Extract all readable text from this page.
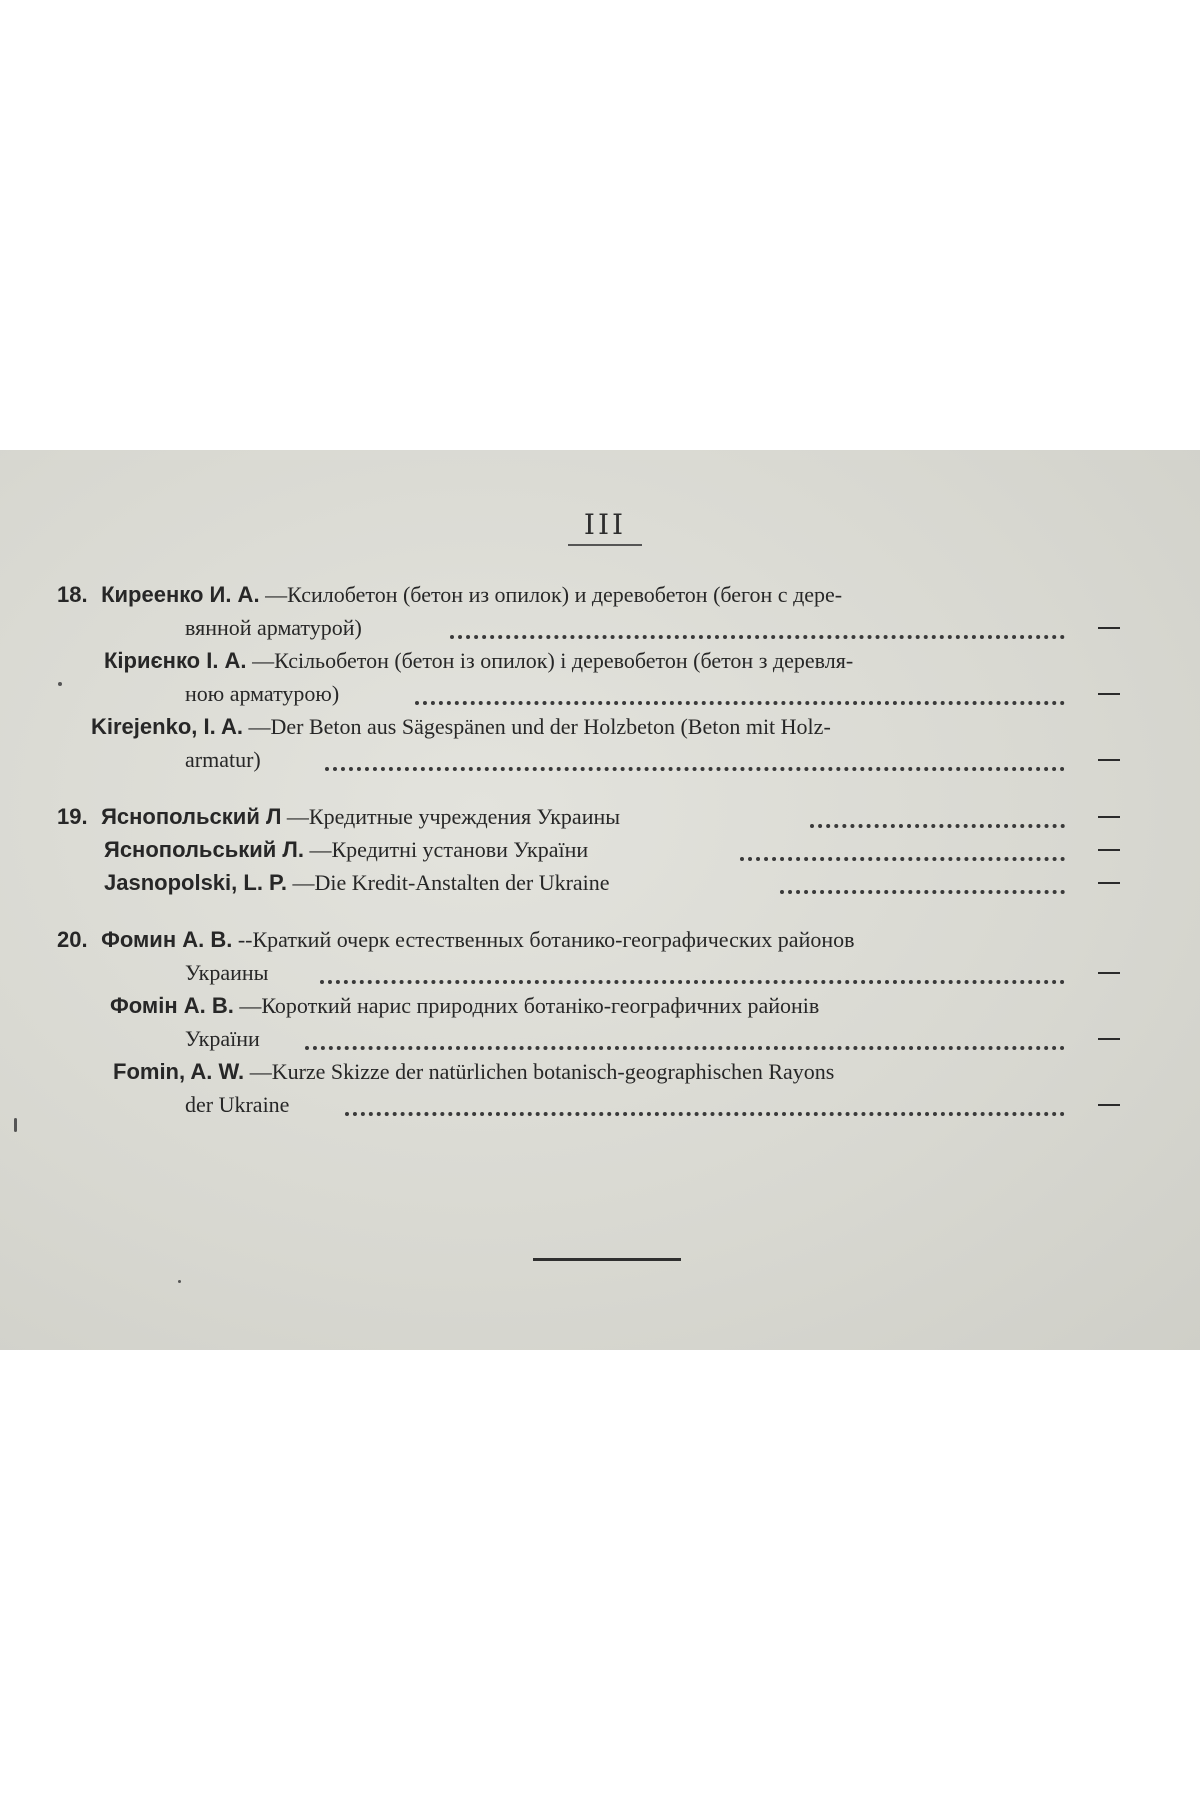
III
18. Киреенко И. А. —Ксилобетон (бетон из опилок) и деревобетон (бегон с дере-
вянной арматурой)
Кіриєнко І. А. —Ксільобетон (бетон із опилок) і деревобетон (бетон з деревля-
ною арматурою)
Kirejenko, I. A. —Der Beton aus Sägespänen und der Holzbeton (Beton mit Holz-
armatur)
19. Яснопольский Л —Кредитные учреждения Украины
Яснопольський Л. —Кредитні установи України
Jasnopolski, L. P. —Die Kredit-Anstalten der Ukraine
20. Фомин А. В. --Краткий очерк естественных ботанико-географических районов
Украины
Фомін А. В. —Короткий нарис природних ботаніко-географичних районів
України
Fomin, A. W. —Kurze Skizze der natürlichen botanisch-geographischen Rayons
der Ukraine
